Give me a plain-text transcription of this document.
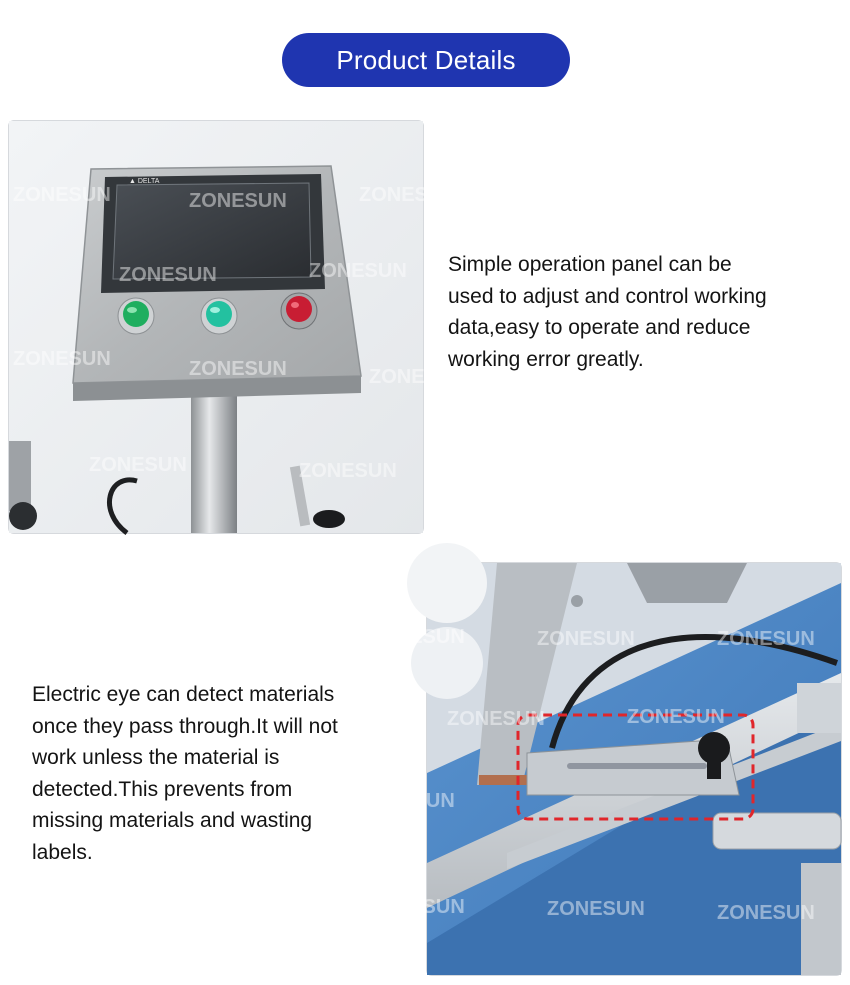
Product Details
▲ DELTA
ZONESUN	ZONESUN	ZONESUN
ZONESUN	ZONESUN
ZONESUN	ZONESUN	ZONESUN
ZONESUN	ZONESUN
Simple operation panel can be used to adjust and control working data,easy to operate and reduce working error greatly.
Electric eye can detect materials once they pass through.It will not work unless the material is detected.This prevents from missing materials and wasting labels.
ZONESUN	ZONESUN	ZONESUN
ZONESUN	ZONESUN
ZONESUN
ZONESUN	ZONESUN	ZONESUN
